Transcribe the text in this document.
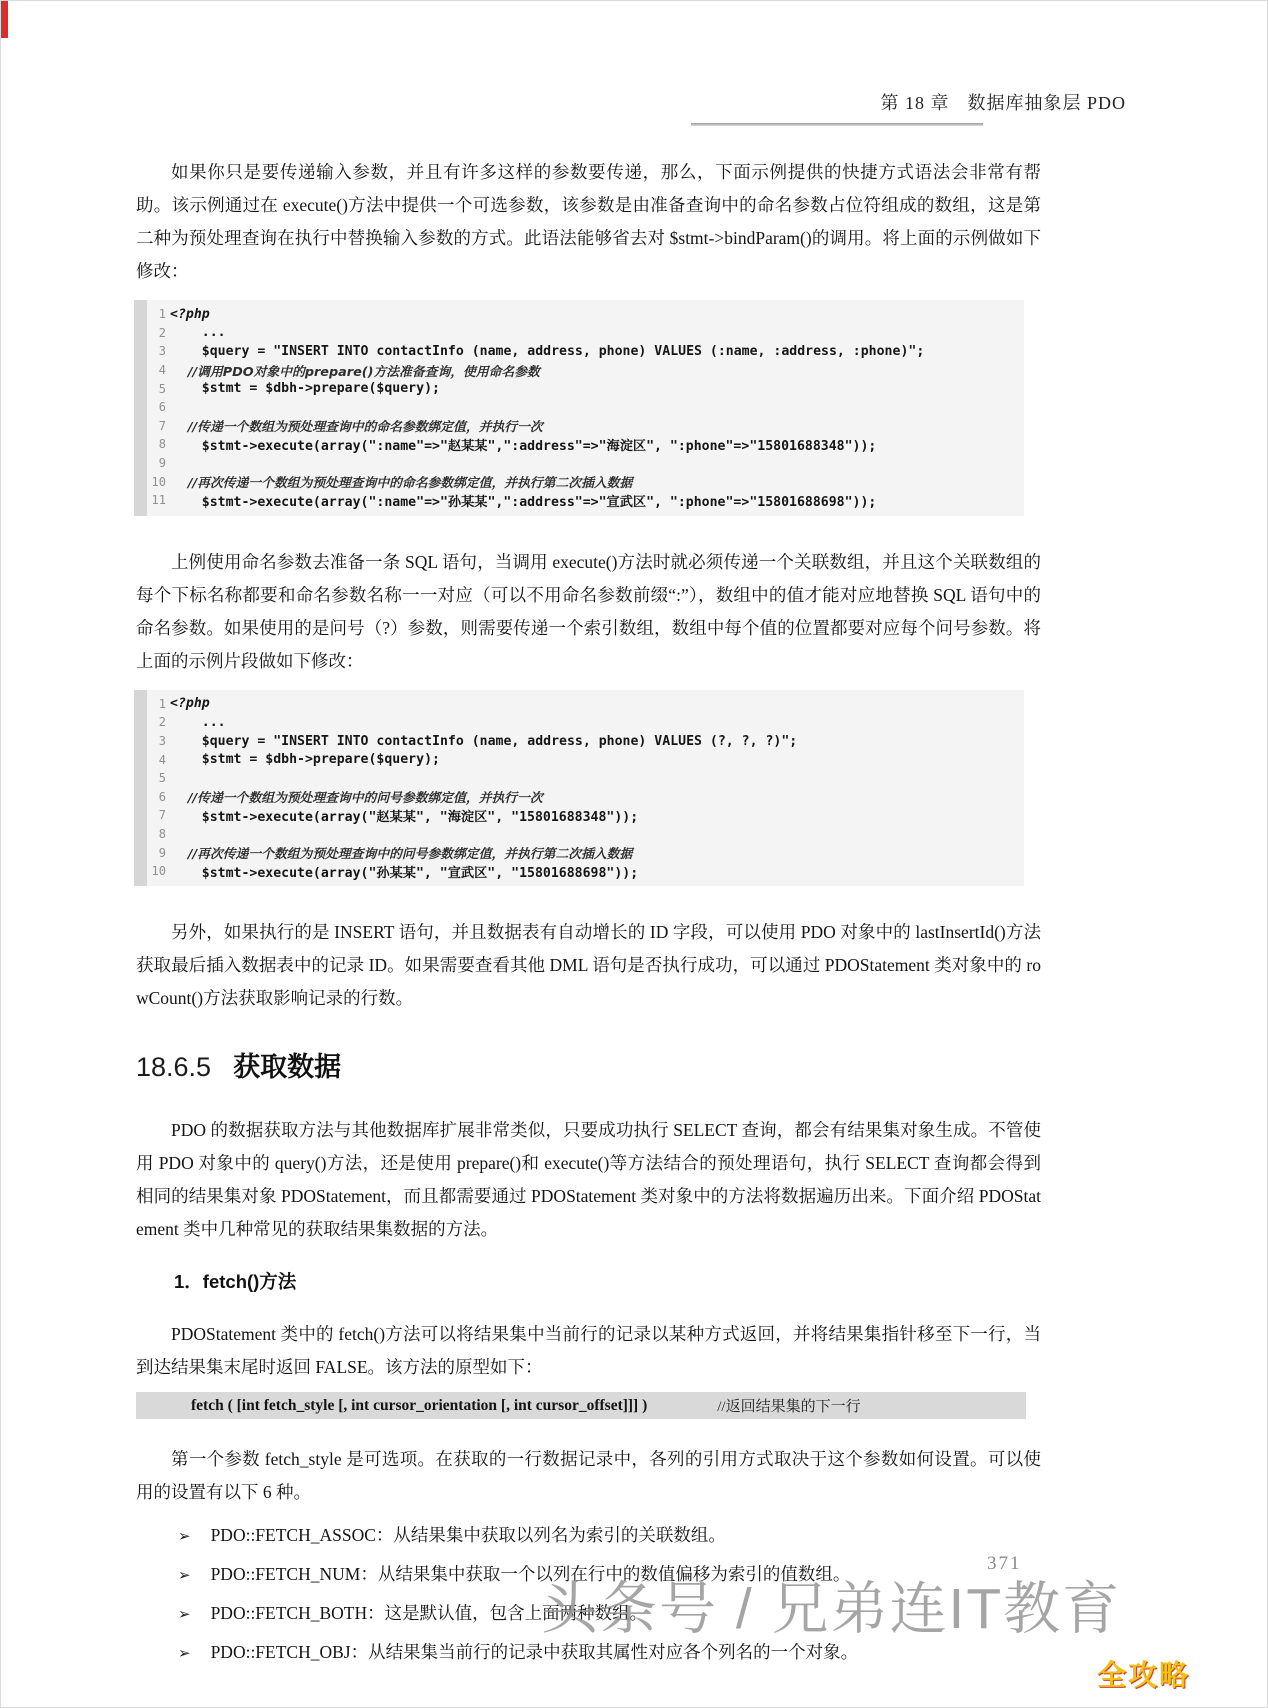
第 18 章 数据库抽象层 PDO

如果你只是要传递输入参数，并且有许多这样的参数要传递，那么，下面示例提供的快捷方式语法会非常有帮助。该示例通过在 execute()方法中提供一个可选参数，该参数是由准备查询中的命名参数占位符组成的数组，这是第二种为预处理查询在执行中替换输入参数的方式。此语法能够省去对 $stmt->bindParam()的调用。将上面的示例做如下修改：

1 <?php
2 ...
3 $query = "INSERT INTO contactInfo (name, address, phone) VALUES (:name, :address, :phone)";
4 //调用PDO对象中的prepare()方法准备查询，使用命名参数
5 $stmt = $dbh->prepare($query);
6
7 //传递一个数组为预处理查询中的命名参数绑定值，并执行一次
8 $stmt->execute(array(":name"=>"赵某某",":address"=>"海淀区", ":phone"=>"15801688348"));
9
10 //再次传递一个数组为预处理查询中的命名参数绑定值，并执行第二次插入数据
11 $stmt->execute(array(":name"=>"孙某某",":address"=>"宣武区", ":phone"=>"15801688698"));

上例使用命名参数去准备一条 SQL 语句，当调用 execute()方法时就必须传递一个关联数组，并且这个关联数组的每个下标名称都要和命名参数名称一一对应（可以不用命名参数前缀“:”），数组中的值才能对应地替换 SQL 语句中的命名参数。如果使用的是问号（?）参数，则需要传递一个索引数组，数组中每个值的位置都要对应每个问号参数。将上面的示例片段做如下修改：

1 <?php
2 ...
3 $query = "INSERT INTO contactInfo (name, address, phone) VALUES (?, ?, ?)";
4 $stmt = $dbh->prepare($query);
5
6 //传递一个数组为预处理查询中的问号参数绑定值，并执行一次
7 $stmt->execute(array("赵某某", "海淀区", "15801688348"));
8
9 //再次传递一个数组为预处理查询中的问号参数绑定值，并执行第二次插入数据
10 $stmt->execute(array("孙某某", "宣武区", "15801688698"));

另外，如果执行的是 INSERT 语句，并且数据表有自动增长的 ID 字段，可以使用 PDO 对象中的 lastInsertId()方法获取最后插入数据表中的记录 ID。如果需要查看其他 DML 语句是否执行成功，可以通过 PDOStatement 类对象中的 rowCount()方法获取影响记录的行数。

18.6.5 获取数据

PDO 的数据获取方法与其他数据库扩展非常类似，只要成功执行 SELECT 查询，都会有结果集对象生成。不管使用 PDO 对象中的 query()方法，还是使用 prepare()和 execute()等方法结合的预处理语句，执行 SELECT 查询都会得到相同的结果集对象 PDOStatement，而且都需要通过 PDOStatement 类对象中的方法将数据遍历出来。下面介绍 PDOStatement 类中几种常见的获取结果集数据的方法。

1．fetch()方法

PDOStatement 类中的 fetch()方法可以将结果集中当前行的记录以某种方式返回，并将结果集指针移至下一行，当到达结果集末尾时返回 FALSE。该方法的原型如下：

fetch ( [int fetch_style [, int cursor_orientation [, int cursor_offset]]] )	//返回结果集的下一行

第一个参数 fetch_style 是可选项。在获取的一行数据记录中，各列的引用方式取决于这个参数如何设置。可以使用的设置有以下 6 种。

➢ PDO::FETCH_ASSOC：从结果集中获取以列名为索引的关联数组。
➢ PDO::FETCH_NUM：从结果集中获取一个以列在行中的数值偏移为索引的值数组。
➢ PDO::FETCH_BOTH：这是默认值，包含上面两种数组。
➢ PDO::FETCH_OBJ：从结果集当前行的记录中获取其属性对应各个列名的一个对象。
371
头条号 / 兄弟连IT教育
全攻略
